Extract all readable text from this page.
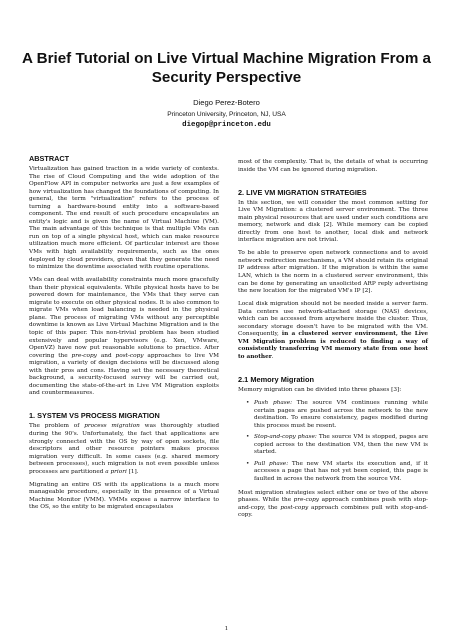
A Brief Tutorial on Live Virtual Machine Migration From a Security Perspective
Diego Perez-Botero
Princeton University, Princeton, NJ, USA
diegop@princeton.edu
ABSTRACT

Virtualization has gained traction in a wide variety of contexts. The rise of Cloud Computing and the wide adoption of the OpenFlow API in computer networks are just a few examples of how virtualization has changed the foundations of computing. In general, the term "virtualization" refers to the process of turning a hardware-bound entity into a software-based component. The end result of such procedure encapsulates an entity's logic and is given the name of Virtual Machine (VM). The main advantage of this technique is that multiple VMs can run on top of a single physical host, which can make resource utilization much more efficient. Of particular interest are those VMs with high availability requirements, such as the ones deployed by cloud providers, given that they generate the need to minimize the downtime associated with routine operations.

VMs can deal with availability constraints much more gracefully than their physical equivalents. While physical hosts have to be powered down for maintenance, the VMs that they serve can migrate to execute on other physical nodes. It is also common to migrate VMs when load balancing is needed in the physical plane. The process of migrating VMs without any perceptible downtime is known as Live Virtual Machine Migration and is the topic of this paper. This non-trivial problem has been studied extensively and popular hypervisors (e.g. Xen, VMware, OpenVZ) have now put reasonable solutions to practice. After covering the pre-copy and post-copy approaches to live VM migration, a variety of design decisions will be discussed along with their pros and cons. Having set the necessary theoretical background, a security-focused survey will be carried out, documenting the state-of-the-art in Live VM Migration exploits and countermeasures.

1. SYSTEM VS PROCESS MIGRATION

The problem of process migration was thoroughly studied during the 90's. Unfortunately, the fact that applications are strongly connected with the OS by way of open sockets, file descriptors and other resource pointers makes process migration very difficult. In some cases (e.g. shared memory between processes), such migration is not even possible unless processes are partitioned a priori [1].

Migrating an entire OS with its applications is a much more manageable procedure, especially in the presence of a Virtual Machine Monitor (VMM). VMMs expose a narrow interface to the OS, so the entity to be migrated encapsulates

most of the complexity. That is, the details of what is occurring inside the VM can be ignored during migration.

2. LIVE VM MIGRATION STRATEGIES

In this section, we will consider the most common setting for Live VM Migration: a clustered server environment. The three main physical resources that are used under such conditions are memory, network and disk [2]. While memory can be copied directly from one host to another, local disk and network interface migration are not trivial.

To be able to preserve open network connections and to avoid network redirection mechanisms, a VM should retain its original IP address after migration. If the migration is within the same LAN, which is the norm in a clustered server environment, this can be done by generating an unsolicited ARP reply advertising the new location for the migrated VM's IP [2].

Local disk migration should not be needed inside a server farm. Data centers use network-attached storage (NAS) devices, which can be accessed from anywhere inside the cluster. Thus, secondary storage doesn't have to be migrated with the VM. Consequently, in a clustered server environment, the Live VM Migration problem is reduced to finding a way of consistently transferring VM memory state from one host to another.

2.1 Memory Migration

Memory migration can be divided into three phases [3]:

• Push phase: The source VM continues running while certain pages are pushed across the network to the new destination. To ensure consistency, pages modified during this process must be resent.
• Stop-and-copy phase: The source VM is stopped, pages are copied across to the destination VM, then the new VM is started.
• Pull phase: The new VM starts its execution and, if it accesses a page that has not yet been copied, this page is faulted in across the network from the source VM.

Most migration strategies select either one or two of the above phases. While the pre-copy approach combines push with stop-and-copy, the post-copy approach combines pull with stop-and-copy.

1
